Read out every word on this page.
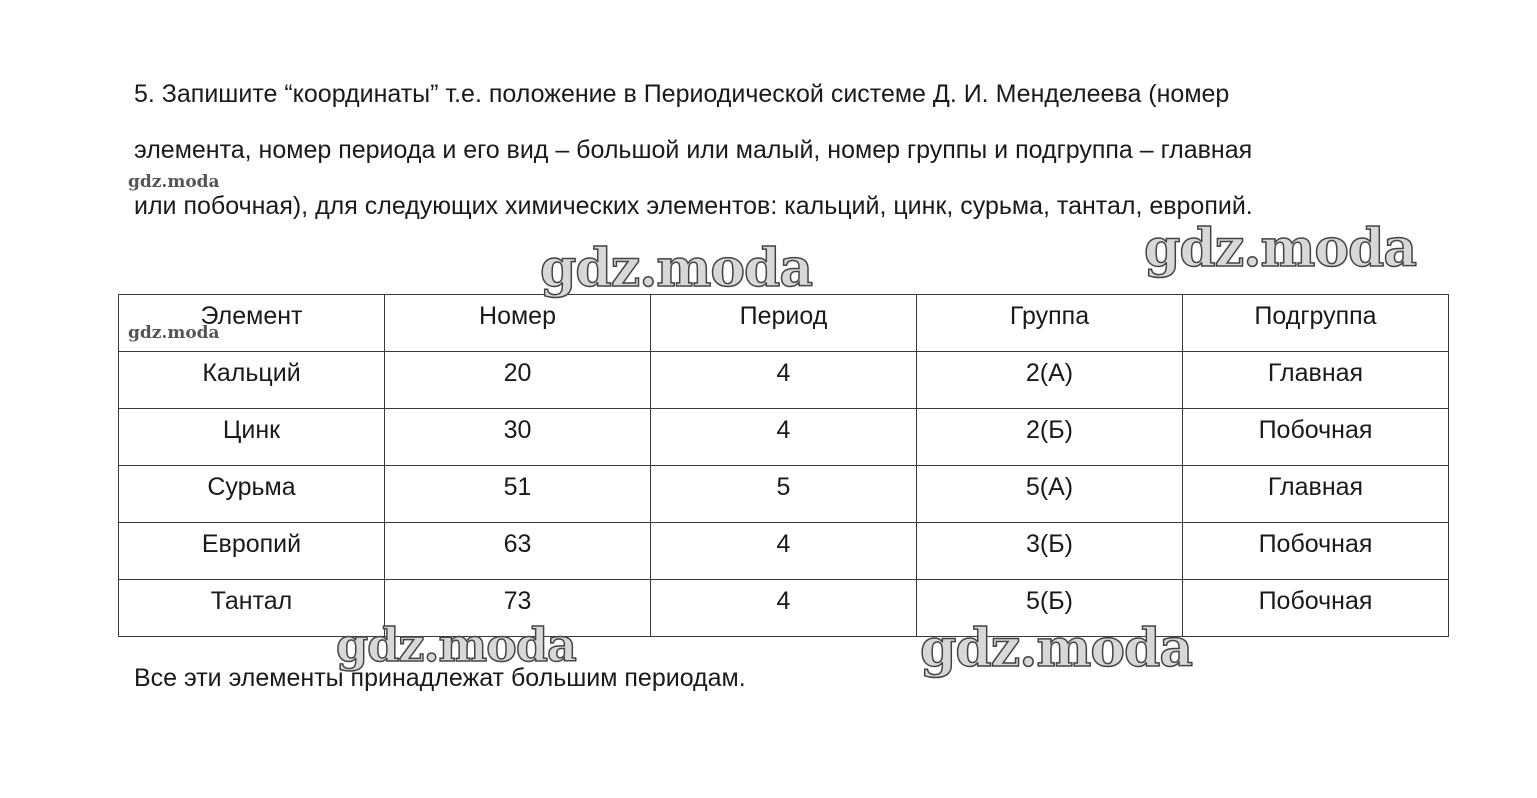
5. Запишите “координаты” т.е. положение в Периодической системе Д. И. Менделеева (номер
элемента, номер периода и его вид – большой или малый, номер группы и подгруппа – главная
или побочная), для следующих химических элементов: кальций, цинк, сурьма, тантал, европий.

Элемент	Номер	Период	Группа	Подгруппа
Кальций	20	4	2(А)	Главная
Цинк	30	4	2(Б)	Побочная
Сурьма	51	5	5(А)	Главная
Европий	63	4	3(Б)	Побочная
Тантал	73	4	5(Б)	Побочная

Все эти элементы принадлежат большим периодам.

gdz.moda
gdz.moda
gdz.moda	gdz.moda
gdz.moda	gdz.moda
